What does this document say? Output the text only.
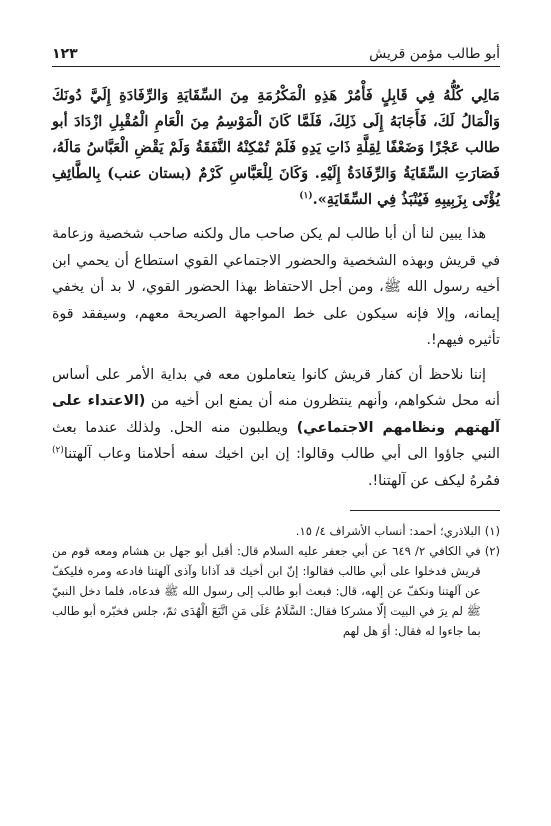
أبو طالب مؤمن قريش
١٢٣

مَالِي كُلُّهُ فِي قَابِلٍ فَأْمُرْ هَذِهِ الْمَكْرُمَةِ مِنَ السِّقَايَةِ وَالرِّفَادَةِ إِلَيَّ دُونَكَ وَالْمَالُ لَكَ، فَأَجَابَهُ إِلَى ذَلِكَ، فَلَمَّا كَانَ الْمَوْسِمُ مِنَ الْعَامِ الْمُقْبِلِ ازْدَادَ أبو طالب عَجْزًا وَضَعْفًا لِقِلَّةِ ذَاتِ يَدِهِ فَلَمْ تُمْكِنْهُ النَّفَقَةُ وَلَمْ يَقْضِ الْعَبَّاسُ مَالَهُ، فَصَارَتِ السِّقَايَةُ وَالرِّفَادَةُ إِلَيْهِ. وَكَانَ لِلْعَبَّاسِ كَرْمٌ (بستان عنب) بِالطَّائِفِ يُؤْتَى بِزَبِيبِهِ فَيُنْبَذُ فِي السِّقَايَةِ».$^{(١)}$

هذا يبين لنا أن أبا طالب لم يكن صاحب مال ولكنه صاحب شخصية وزعامة في قريش وبهذه الشخصية والحضور الاجتماعي القوي استطاع أن يحمي ابن أخيه رسول الله ﷺ، ومن أجل الاحتفاظ بهذا الحضور القوي، لا بد أن يخفي إيمانه، وإلا فإنه سيكون على خط المواجهة الصريحة معهم، وسيفقد قوة تأثيره فيهم!.

إننا نلاحظ أن كفار قريش كانوا يتعاملون معه في بداية الأمر على أساس أنه محل شكواهم، وأنهم ينتظرون منه أن يمنع ابن أخيه من (الاعتداء على آلهتهم ونظامهم الاجتماعي) ويطلبون منه الحل. ولذلك عندما بعث النبي جاؤوا الى أبي طالب وقالوا: إن ابن اخيك سفه أحلامنا وعاب آلهتنا$^{(٢)}$ فمُرهُ ليكف عن آلهتنا!.

(١)
البلاذري؛ أحمد: أنساب الأشراف ٤/ ١٥.
(٢)
في الكافي ٢/ ٦٤٩ عن أبي جعفر عليه السلام قال: أقبل أبو جهل بن هشام ومعه قوم من قريش فدخلوا على أبي طالب فقالوا: إنّ ابن أخيك قد آذانا وآذى آلهتنا فادعه ومره فليكفّ عن آلهتنا ونكفّ عن إلهه، قال: فبعث أبو طالب إلى رسول الله ﷺ فدعاه، فلما دخل النبيّ ﷺ لم يرَ في البيت إلّا مشركا فقال: السَّلَامُ عَلَى مَنِ اتَّبَعَ الْهُدَى ثمّ، جلس فخبّره أبو طالب بما جاءوا له فقال: أوَ هل لهم
